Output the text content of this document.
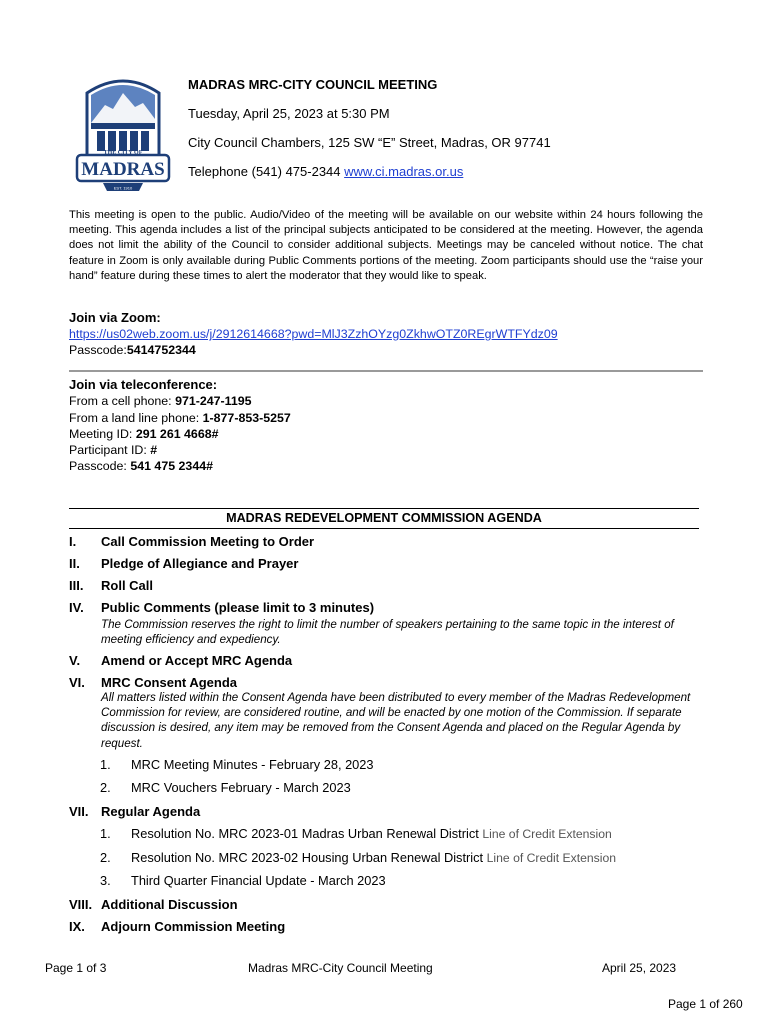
THE CITY OF
MADRAS
EST. 1910
MADRAS MRC-CITY COUNCIL MEETING
Tuesday, April 25, 2023 at 5:30 PM
City Council Chambers, 125 SW “E” Street, Madras, OR 97741
Telephone (541) 475-2344 www.ci.madras.or.us
This meeting is open to the public. Audio/Video of the meeting will be available on our website within 24 hours following the meeting. This agenda includes a list of the principal subjects anticipated to be considered at the meeting. However, the agenda does not limit the ability of the Council to consider additional subjects. Meetings may be canceled without notice. The chat feature in Zoom is only available during Public Comments portions of the meeting. Zoom participants should use the “raise your hand” feature during these times to alert the moderator that they would like to speak.
Join via Zoom:
https://us02web.zoom.us/j/2912614668?pwd=MlJ3ZzhOYzg0ZkhwOTZ0REgrWTFYdz09
Passcode:5414752344
Join via teleconference:
From a cell phone: 971-247-1195
From a land line phone: 1-877-853-5257
Meeting ID: 291 261 4668#
Participant ID: #
Passcode: 541 475 2344#
MADRAS REDEVELOPMENT COMMISSION AGENDA
I.	Call Commission Meeting to Order
II.	Pledge of Allegiance and Prayer
III.	Roll Call
IV.	Public Comments (please limit to 3 minutes)
The Commission reserves the right to limit the number of speakers pertaining to the same topic in the interest of meeting efficiency and expediency.
V.	Amend or Accept MRC Agenda
VI.	MRC Consent Agenda
All matters listed within the Consent Agenda have been distributed to every member of the Madras Redevelopment Commission for review, are considered routine, and will be enacted by one motion of the Commission. If separate discussion is desired, any item may be removed from the Consent Agenda and placed on the Regular Agenda by request.
1.	MRC Meeting Minutes - February 28, 2023
2.	MRC Vouchers February - March 2023
VII. Regular Agenda
1.	Resolution No. MRC 2023-01 Madras Urban Renewal District Line of Credit Extension
2.	Resolution No. MRC 2023-02 Housing Urban Renewal District Line of Credit Extension
3.	Third Quarter Financial Update - March 2023
VIII. Additional Discussion
IX.	Adjourn Commission Meeting
Page 1 of 3	Madras MRC-City Council Meeting	April 25, 2023
Page 1 of 260
